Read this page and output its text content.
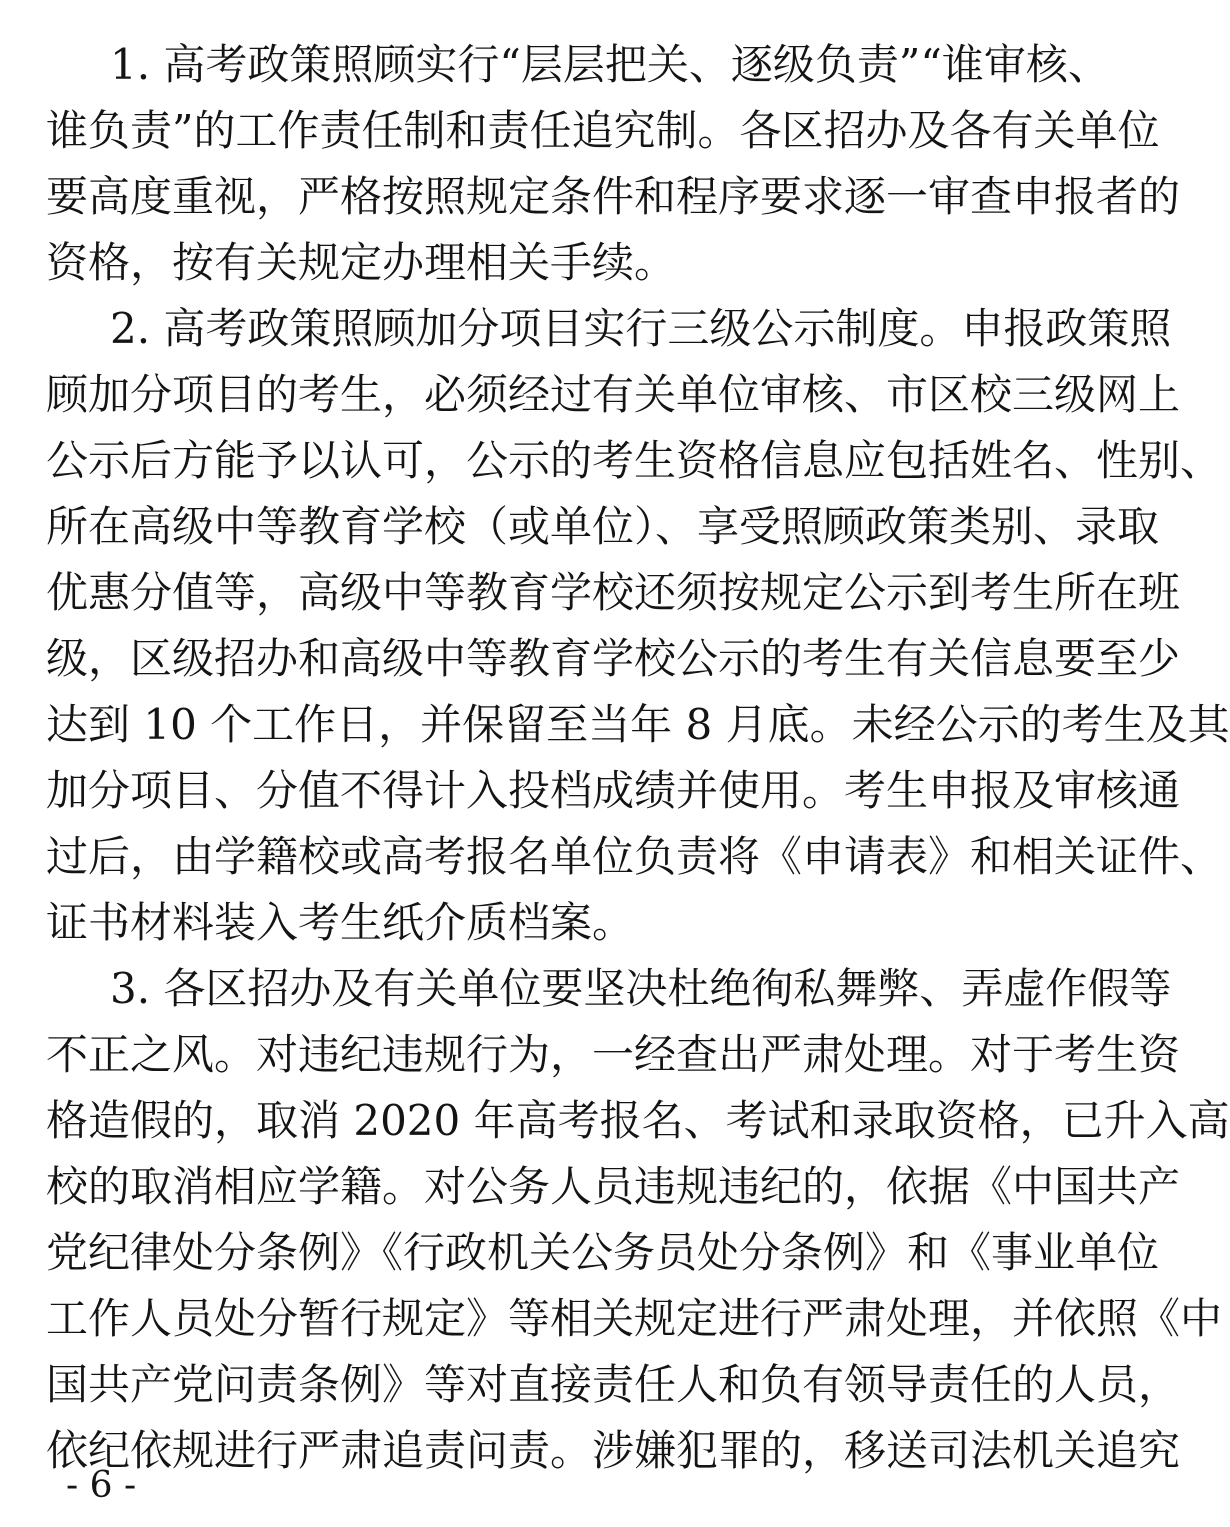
1. 高考政策照顾实行“层层把关、逐级负责”“谁审核、
谁负责”的工作责任制和责任追究制。各区招办及各有关单位
要高度重视，严格按照规定条件和程序要求逐一审查申报者的
资格，按有关规定办理相关手续。
2. 高考政策照顾加分项目实行三级公示制度。申报政策照
顾加分项目的考生，必须经过有关单位审核、市区校三级网上
公示后方能予以认可，公示的考生资格信息应包括姓名、性别、
所在高级中等教育学校（或单位）、享受照顾政策类别、录取
优惠分值等，高级中等教育学校还须按规定公示到考生所在班
级，区级招办和高级中等教育学校公示的考生有关信息要至少
达到 10 个工作日，并保留至当年 8 月底。未经公示的考生及其
加分项目、分值不得计入投档成绩并使用。考生申报及审核通
过后，由学籍校或高考报名单位负责将《申请表》和相关证件、
证书材料装入考生纸介质档案。
3. 各区招办及有关单位要坚决杜绝徇私舞弊、弄虚作假等
不正之风。对违纪违规行为，一经查出严肃处理。对于考生资
格造假的，取消 2020 年高考报名、考试和录取资格，已升入高
校的取消相应学籍。对公务人员违规违纪的，依据《中国共产
党纪律处分条例》《行政机关公务员处分条例》和《事业单位
工作人员处分暂行规定》等相关规定进行严肃处理，并依照《中
国共产党问责条例》等对直接责任人和负有领导责任的人员，
依纪依规进行严肃追责问责。涉嫌犯罪的，移送司法机关追究
- 6 -
